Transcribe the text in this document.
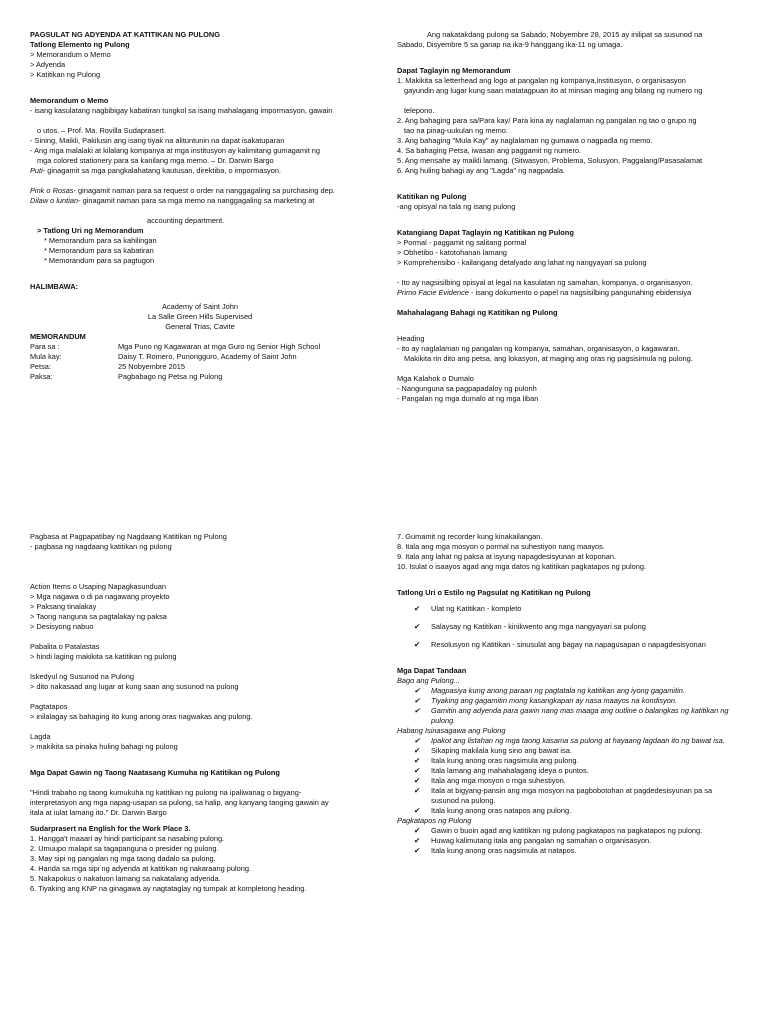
PAGSULAT NG ADYENDA AT KATITIKAN NG PULONG
Tatlong Elemento ng Pulong
> Memorandum o Memo
> Adyenda
> Katitikan ng Pulong
Memorandum o Memo
- isang kasulatang nagbibigay kabatiran tungkol sa isang mahalagang impormasyon, gawain
o utos. – Prof. Ma. Rovilla Sudaprasert.
- Sining, Maikli, Pakilusin ang isang tiyak na alituntunin na dapat isakatuparan
- Ang mga malalaki at kilalang kompanya at mga institusyon ay kalimitang gumagamit ng
mga colored stationery para sa kanilang mga memo. – Dr. Darwin Bargo
Puti- ginagamit sa mga pangkalahatang kautusan, direktiba, o impormasyon.
Pink o Rosas- ginagamit naman para sa request o order na nanggagaling sa purchasing dep.
Dilaw o luntian- ginagamit naman para sa mga memo na nanggagaling sa marketing at
accounting department.
> Tatlong Uri ng Memorandum
* Memorandum para sa kahilingan
* Memorandum para sa kabatiran
* Memorandum para sa pagtugon
HALIMBAWA:
Academy of Saint John
La Salle Green Hills Supervised
General Trias, Cavite
MEMORANDUM
Para sa :	Mga Puno ng Kagawaran at mga Guro ng Senior High School
Mula kay:	Daisy T. Romero, Punongguro, Academy of Saint John
Petsa:	25 Nobyembre 2015
Paksa:	Pagbabago ng Petsa ng Pulong
Ang nakatakdang pulong sa Sabado, Nobyembre 28, 2015 ay inilipat sa susunod na
Sabado, Disyembre 5 sa ganap na ika-9 hanggang ika-11 ng umaga.
Dapat Taglayin ng Memorandum
1. Makikita sa letterhead ang logo at pangalan ng kompanya,institusyon, o organisasyon
gayundin ang lugar kung saan matatagpuan ito at minsan maging ang bilang ng numero ng
telepono.
2. Ang bahaging para sa/Para kay/ Para kina ay naglalaman ng pangalan ng tao o grupo ng
tao na pinag-uukulan ng memo.
3. Ang bahaging "Mula Kay" ay naglalaman ng gumawa o nagpadla ng memo.
4. Sa bahaging Petsa, iwasan ang paggamit ng numero.
5. Ang mensahe ay maikli lamang. (Sitwasyon, Problema, Solusyon, Paggalang/Pasasalamat
6. Ang huling bahagi ay ang "Lagda" ng nagpadala.
Katitikan ng Pulong
-ang opisyal na tala ng isang pulong
Katangiang Dapat Taglayin ng Katitikan ng Pulong
> Pormal - paggamit ng salitang pormal
> Obhetibo - katotohanan lamang
> Komprehensibo - kailangang detalyado ang lahat ng nangyayari sa pulong
- Ito ay nagsisilbing opisyal at legal na kasulatan ng samahan, kompanya, o organisasyon.
Primo Facie Evidence - isang dokumento o papel na nagsisilbing pangunahing ebidensiya
Mahahalagang Bahagi ng Katitikan ng Pulong
Heading
- ito ay naglalaman ng pangalan ng kompanya, samahan, organisasyon, o kagawaran.
Makikita rin dito ang petsa, ang lokasyon, at maging ang oras ng pagsisimula ng pulong.
Mga Kalahok o Dumalo
- Nangunguna sa pagpapadaloy ng pulonh
- Pangalan ng mga dumalo at ng mga liban
Pagbasa at Pagpapatibay ng Nagdaang Katitikan ng Pulong
- pagbasa ng nagdaang katitikan ng pulong
Action Items o Usaping Napagkasunduan
> Mga nagawa o di pa nagawang proyekto
> Paksang tinalakay
> Taong nanguna sa pagtalakay ng paksa
> Desisyong nabuo
Pabalita o Patalastas
> hindi laging makikita sa katitikan ng pulong
Iskedyul ng Susunod na Pulong
> dito nakasaad ang lugar at kung saan ang susunod na pulong
Pagtatapos
> inilalagay sa bahaging ito kung anong oras nagwakas ang pulong.
Lagda
> makikita sa pinaka huling bahagi ng pulong
Mga Dapat Gawin ng Taong Naatasang Kumuha ng Katitikan ng Pulong
"Hindi trabaho ng taong kumukuha ng katitikan ng pulong na ipaliwanag o bigyang-
interpretasyon ang mga napag-usapan sa pulong, sa halip, ang kanyang tanging gawain ay
itala at iulat lamang ito.'' Dr. Darwin Bargo
Sudarprasert na English for the Work Place 3.
1. Hangga't maaari ay hindi participant sa nasabing pulong.
2. Umuupo malapit sa tagapanguna o presider ng pulong.
3. May sipi ng pangalan ng mga taong dadalo sa pulong.
4. Handa sa mga sipi ng adyenda at katitikan ng nakaraang pulong.
5. Nakapokus o nakatuon lamang sa nakatalang adyenda.
6. Tiyaking ang KNP na ginagawa ay nagtataglay ng tumpak at kompletong heading.
7. Gumamit ng recorder kung kinakailangan.
8. Itala ang mga mosyon o pormal na suhestiyon nang maayos.
9. Itala ang lahat ng paksa at isyung napagdesisyunan at koponan.
10. Isulat o isaayos agad ang mga datos ng katitikan pagkatapos ng pulong.
Tatlong Uri o Estilo ng Pagsulat ng Katitikan ng Pulong
✔ Ulat ng Katitikan - kompleto
✔ Salaysay ng Katitikan - kinikwento ang mga nangyayari sa pulong
✔ Resolusyon ng Katitikan - sinusulat ang bagay na napagusapan o napagdesisyonan
Mga Dapat Tandaan
Bago ang Pulong...
✔ Magpasiya kung anong paraan ng pagtatala ng katitikan ang iyong gagamitin.
✔ Tiyaking ang gagamitin mong kasangkapan ay nasa maayos na kondisyon.
✔ Gamitin ang adyenda para gawin nang mas maaga ang outline o balangkas ng katitikan ng pulong.
Habang Isinasagawa ang Pulong
✔ Ipakot ang listahan ng mga taong kasama sa pulong at hayaang lagdaan ito ng bawat isa.
✔ Sikaping makilala kung sino ang bawat isa.
✔ Itala kung anong oras nagsimula ang pulong.
✔ Itala lamang ang mahahalagang ideya o puntos.
✔ Itala ang mga mosyon o mga suhestiyon.
✔ Itala at bigyang-pansin ang mga mosyon na pagbobotohan at pagdedesisyunan pa sa susunod na pulong.
✔ Itala kung anong oras natapos ang pulong.
Pagkatapos ng Pulong
✔ Gawin o buoin agad ang katitikan ng pulong pagkatapos na pagkatapos ng pulong.
✔ Huwag kalimutang itala ang pangalan ng samahan o organisasyon.
✔ Itala kung anong oras nagsimula at natapos.
